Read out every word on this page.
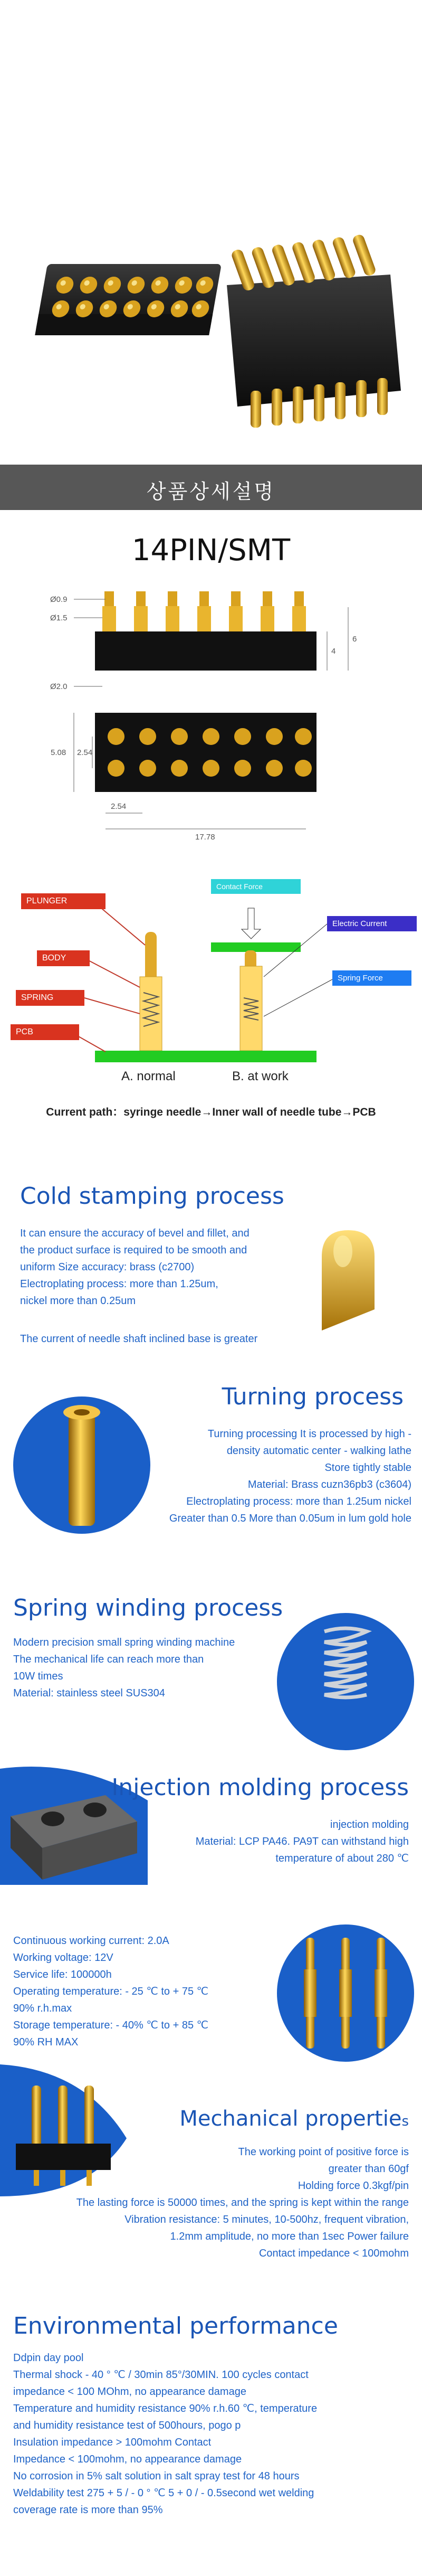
상품상세설명
14PIN/SMT
Ø0.9
Ø1.5
Ø2.0
4
6
5.08 2.54
2.54
17.78
PLUNGER
BODY
SPRING
PCB
Contact Force
Electric Current
Spring Force
A. normal	B. at work
Current path：syringe needle→Inner wall of needle tube→PCB
Cold stamping process
It can ensure the accuracy of bevel and fillet, and
the product surface is required to be smooth and
uniform Size accuracy: brass (c2700)
Electroplating process: more than 1.25um,
nickel more than 0.25um
The current of needle shaft inclined base is greater
Turning process
Turning processing It is processed by high -
density automatic center - walking lathe
Store tightly stable
Material: Brass cuzn36pb3 (c3604)
Electroplating process: more than 1.25um nickel
Greater than 0.5 More than 0.05um in lum gold hole
Spring winding process
Modern precision small spring winding machine
The mechanical life can reach more than
10W times
Material: stainless steel SUS304
Injection molding process
injection molding
Material: LCP PA46. PA9T can withstand high
temperature of about 280 ℃
Continuous working current: 2.0A
Working voltage: 12V
Service life: 100000h
Operating temperature: - 25 ℃ to + 75 ℃
90% r.h.max
Storage temperature: - 40% ℃ to + 85 ℃
90% RH MAX
Mechanical properties
The working point of positive force is
greater than 60gf
Holding force 0.3kgf/pin
The lasting force is 50000 times, and the spring is kept within the range
Vibration resistance: 5 minutes, 10-500hz, frequent vibration,
1.2mm amplitude, no more than 1sec Power failure
Contact impedance < 100mohm
Environmental performance
Ddpin day pool
Thermal shock - 40 ° ℃ / 30min 85°/30MIN. 100 cycles contact
impedance < 100 MOhm, no appearance damage
Temperature and humidity resistance 90% r.h.60 ℃, temperature
and humidity resistance test of 500hours, pogo p
Insulation impedance > 100mohm Contact
Impedance < 100mohm, no appearance damage
No corrosion in 5% salt solution in salt spray test for 48 hours
Weldability test 275 + 5 / - 0 ° ℃ 5 + 0 / - 0.5second wet welding
coverage rate is more than 95%
